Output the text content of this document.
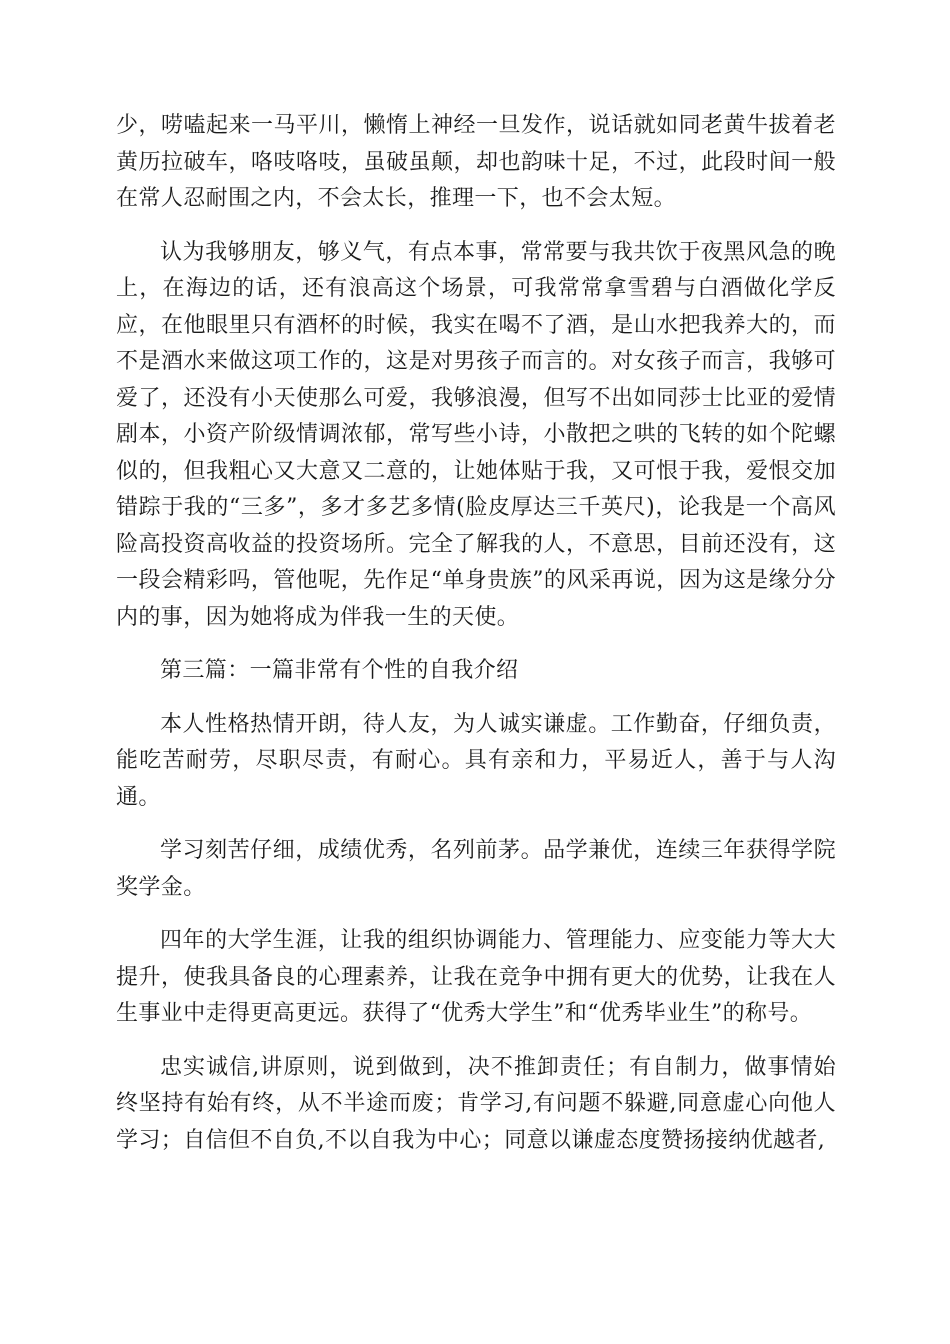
少，唠嗑起来一马平川，懒惰上神经一旦发作，说话就如同老黄牛拔着老黄历拉破车，咯吱咯吱，虽破虽颠，却也韵味十足，不过，此段时间一般在常人忍耐围之内，不会太长，推理一下，也不会太短。

认为我够朋友，够义气，有点本事，常常要与我共饮于夜黑风急的晚上，在海边的话，还有浪高这个场景，可我常常拿雪碧与白酒做化学反应，在他眼里只有酒杯的时候，我实在喝不了酒，是山水把我养大的，而不是酒水来做这项工作的，这是对男孩子而言的。对女孩子而言，我够可爱了，还没有小天使那么可爱，我够浪漫，但写不出如同莎士比亚的爱情剧本，小资产阶级情调浓郁，常写些小诗，小散把之哄的飞转的如个陀螺似的，但我粗心又大意又二意的，让她体贴于我，又可恨于我，爱恨交加错踪于我的“三多”，多才多艺多情(脸皮厚达三千英尺)，论我是一个高风险高投资高收益的投资场所。完全了解我的人，不意思，目前还没有，这一段会精彩吗，管他呢，先作足“单身贵族”的风采再说，因为这是缘分分内的事，因为她将成为伴我一生的天使。

第三篇：一篇非常有个性的自我介绍

本人性格热情开朗，待人友，为人诚实谦虚。工作勤奋，仔细负责，能吃苦耐劳，尽职尽责，有耐心。具有亲和力，平易近人，善于与人沟通。

学习刻苦仔细，成绩优秀，名列前茅。品学兼优，连续三年获得学院奖学金。

四年的大学生涯，让我的组织协调能力、管理能力、应变能力等大大提升，使我具备良的心理素养，让我在竞争中拥有更大的优势，让我在人生事业中走得更高更远。获得了“优秀大学生”和“优秀毕业生”的称号。

忠实诚信,讲原则，说到做到，决不推卸责任；有自制力，做事情始终坚持有始有终，从不半途而废；肯学习,有问题不躲避,同意虚心向他人学习；自信但不自负,不以自我为中心；同意以谦虚态度赞扬接纳优越者,
